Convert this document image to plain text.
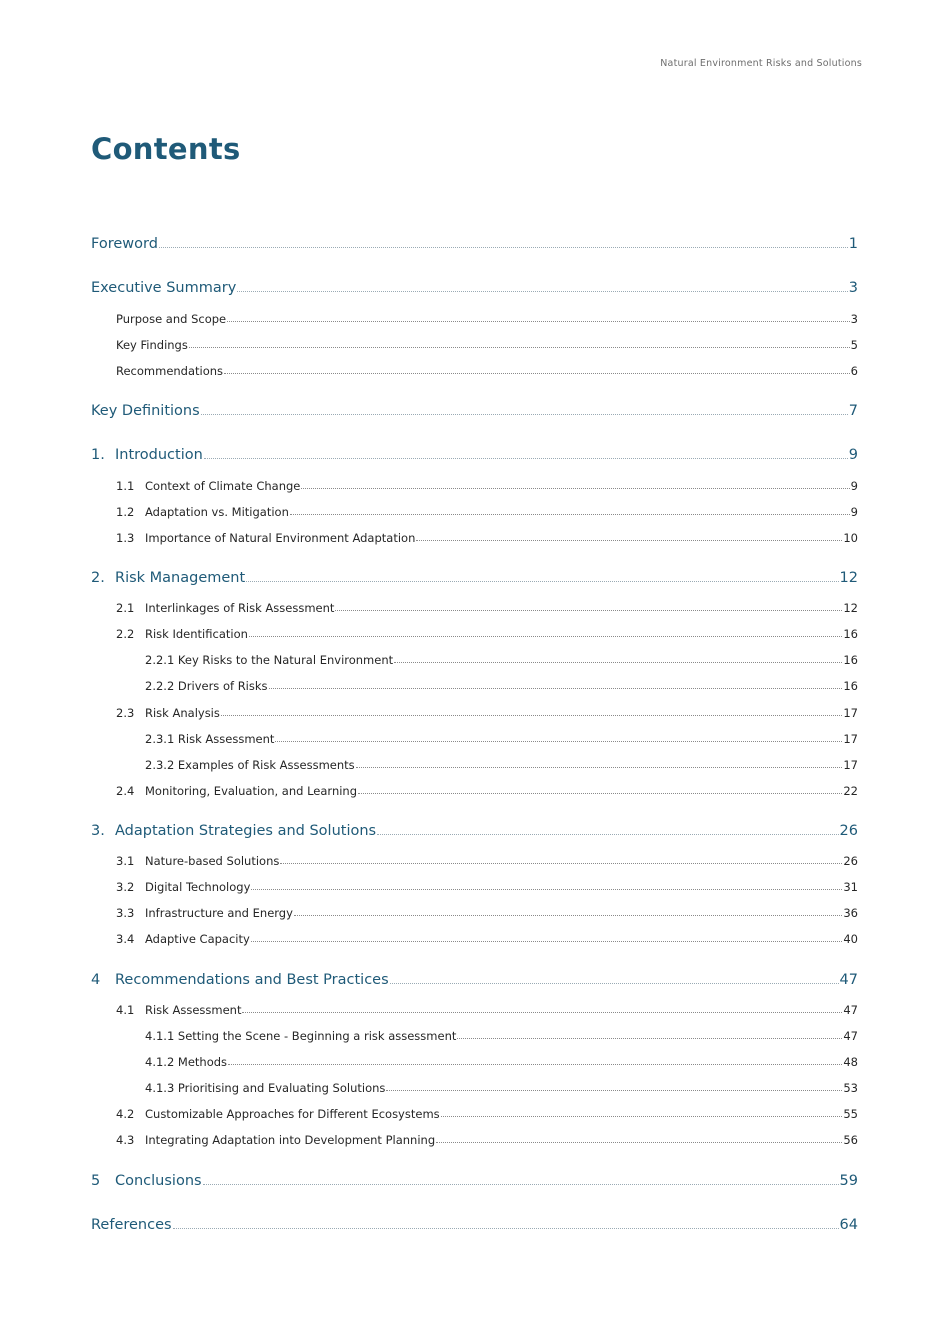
Natural Environment Risks and Solutions
Contents
Foreword	1
Executive Summary	3
Purpose and Scope	3
Key Findings	5
Recommendations	6
Key Definitions	7
1. Introduction	9
1.1 Context of Climate Change	9
1.2 Adaptation vs. Mitigation	9
1.3 Importance of Natural Environment Adaptation	10
2. Risk Management	12
2.1 Interlinkages of Risk Assessment	12
2.2 Risk Identification	16
2.2.1 Key Risks to the Natural Environment	16
2.2.2 Drivers of Risks	16
2.3 Risk Analysis	17
2.3.1 Risk Assessment	17
2.3.2 Examples of Risk Assessments	17
2.4 Monitoring, Evaluation, and Learning	22
3. Adaptation Strategies and Solutions	26
3.1 Nature-based Solutions	26
3.2 Digital Technology	31
3.3 Infrastructure and Energy	36
3.4 Adaptive Capacity	40
4	Recommendations and Best Practices	47
4.1 Risk Assessment	47
4.1.1 Setting the Scene - Beginning a risk assessment	47
4.1.2 Methods	48
4.1.3 Prioritising and Evaluating Solutions	53
4.2 Customizable Approaches for Different Ecosystems	55
4.3 Integrating Adaptation into Development Planning	56
5	Conclusions	59
References	64
